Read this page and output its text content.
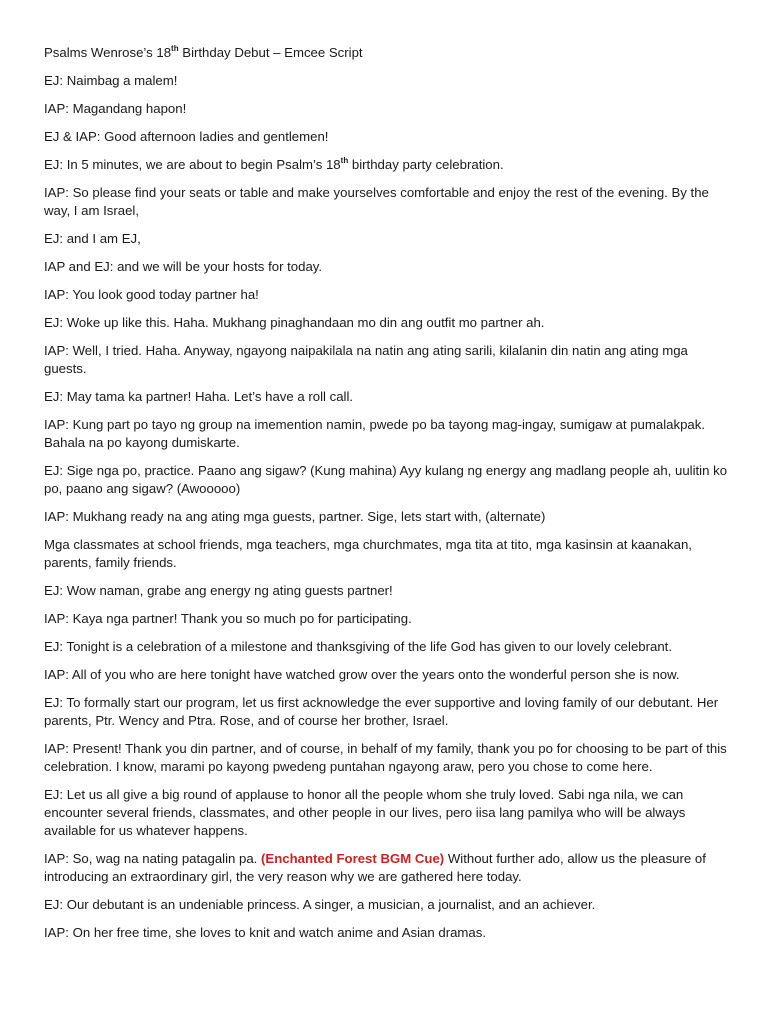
Psalms Wenrose’s 18th Birthday Debut – Emcee Script

EJ: Naimbag a malem!

IAP: Magandang hapon!

EJ & IAP: Good afternoon ladies and gentlemen!

EJ: In 5 minutes, we are about to begin Psalm’s 18th birthday party celebration.

IAP: So please find your seats or table and make yourselves comfortable and enjoy the rest of the evening. By the way, I am Israel,

EJ: and I am EJ,

IAP and EJ: and we will be your hosts for today.

IAP: You look good today partner ha!

EJ: Woke up like this. Haha. Mukhang pinaghandaan mo din ang outfit mo partner ah.

IAP: Well, I tried. Haha. Anyway, ngayong naipakilala na natin ang ating sarili, kilalanin din natin ang ating mga guests.

EJ: May tama ka partner! Haha. Let’s have a roll call.

IAP: Kung part po tayo ng group na imemention namin, pwede po ba tayong mag-ingay, sumigaw at pumalakpak. Bahala na po kayong dumiskarte.

EJ: Sige nga po, practice. Paano ang sigaw? (Kung mahina) Ayy kulang ng energy ang madlang people ah, uulitin ko po, paano ang sigaw? (Awooooo)

IAP: Mukhang ready na ang ating mga guests, partner. Sige, lets start with, (alternate)

Mga classmates at school friends, mga teachers, mga churchmates, mga tita at tito, mga kasinsin at kaanakan, parents, family friends.

EJ: Wow naman, grabe ang energy ng ating guests partner!

IAP: Kaya nga partner! Thank you so much po for participating.

EJ: Tonight is a celebration of a milestone and thanksgiving of the life God has given to our lovely celebrant.

IAP: All of you who are here tonight have watched grow over the years onto the wonderful person she is now.

EJ: To formally start our program, let us first acknowledge the ever supportive and loving family of our debutant. Her parents, Ptr. Wency and Ptra. Rose, and of course her brother, Israel.

IAP: Present! Thank you din partner, and of course, in behalf of my family, thank you po for choosing to be part of this celebration. I know, marami po kayong pwedeng puntahan ngayong araw, pero you chose to come here.

EJ: Let us all give a big round of applause to honor all the people whom she truly loved. Sabi nga nila, we can encounter several friends, classmates, and other people in our lives, pero iisa lang pamilya who will be always available for us whatever happens.

IAP: So, wag na nating patagalin pa. (Enchanted Forest BGM Cue) Without further ado, allow us the pleasure of introducing an extraordinary girl, the very reason why we are gathered here today.

EJ: Our debutant is an undeniable princess. A singer, a musician, a journalist, and an achiever.

IAP: On her free time, she loves to knit and watch anime and Asian dramas.
